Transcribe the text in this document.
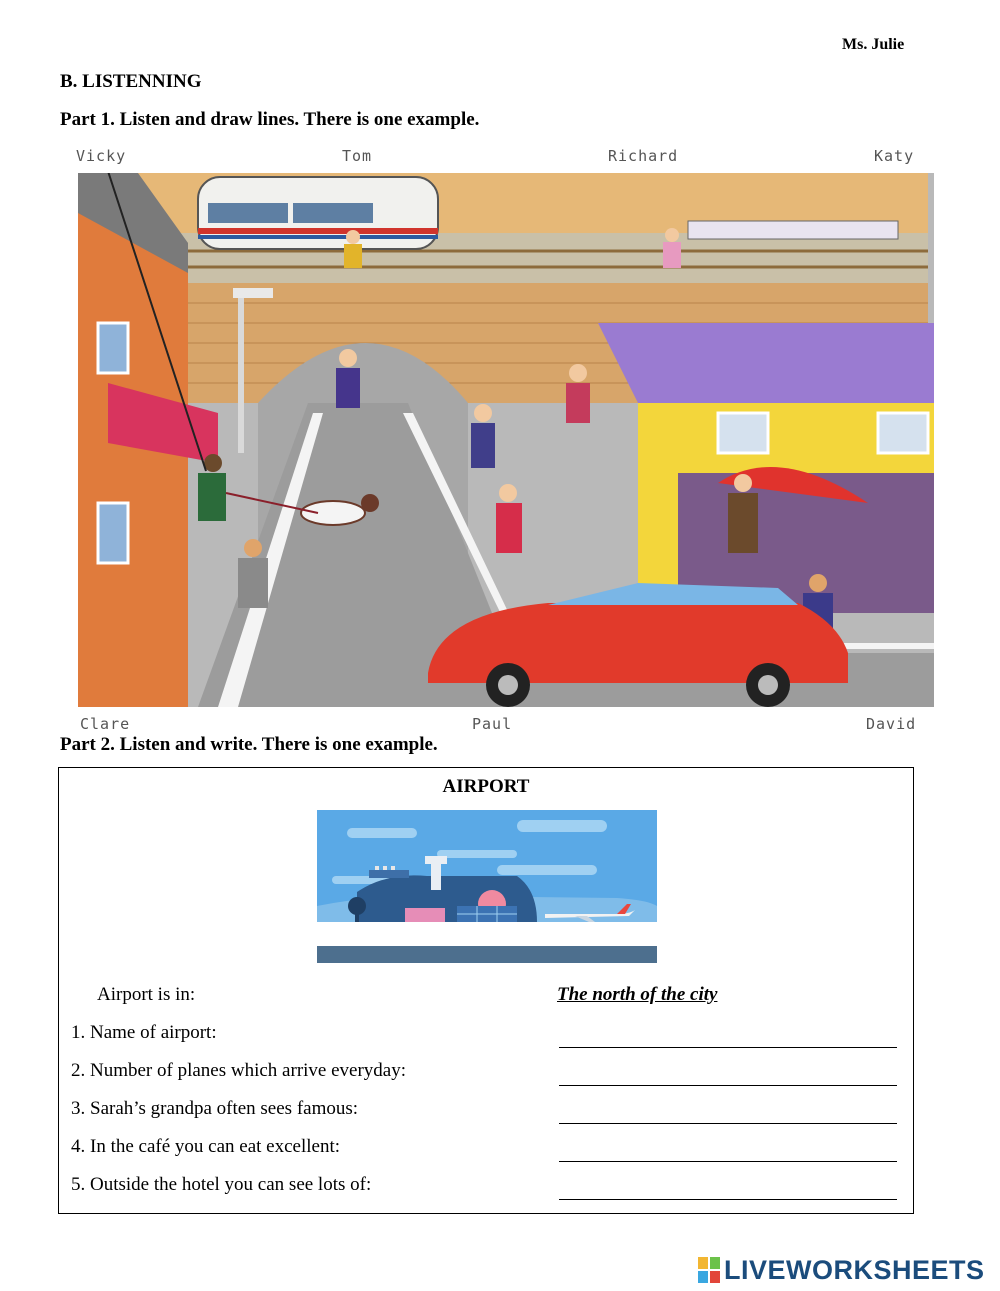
Ms. Julie
B. LISTENNING
Part 1. Listen and draw lines. There is one example.
Vicky	Tom	Richard	Katy
Clare	Paul	David
Part 2. Listen and write. There is one example.
AIRPORT
Airport is in:	The north of the city
1. Name of airport:
2. Number of planes which arrive everyday:
3. Sarah’s grandpa often sees famous:
4. In the café you can eat excellent:
5. Outside the hotel you can see lots of:
LIVEWORKSHEETS
